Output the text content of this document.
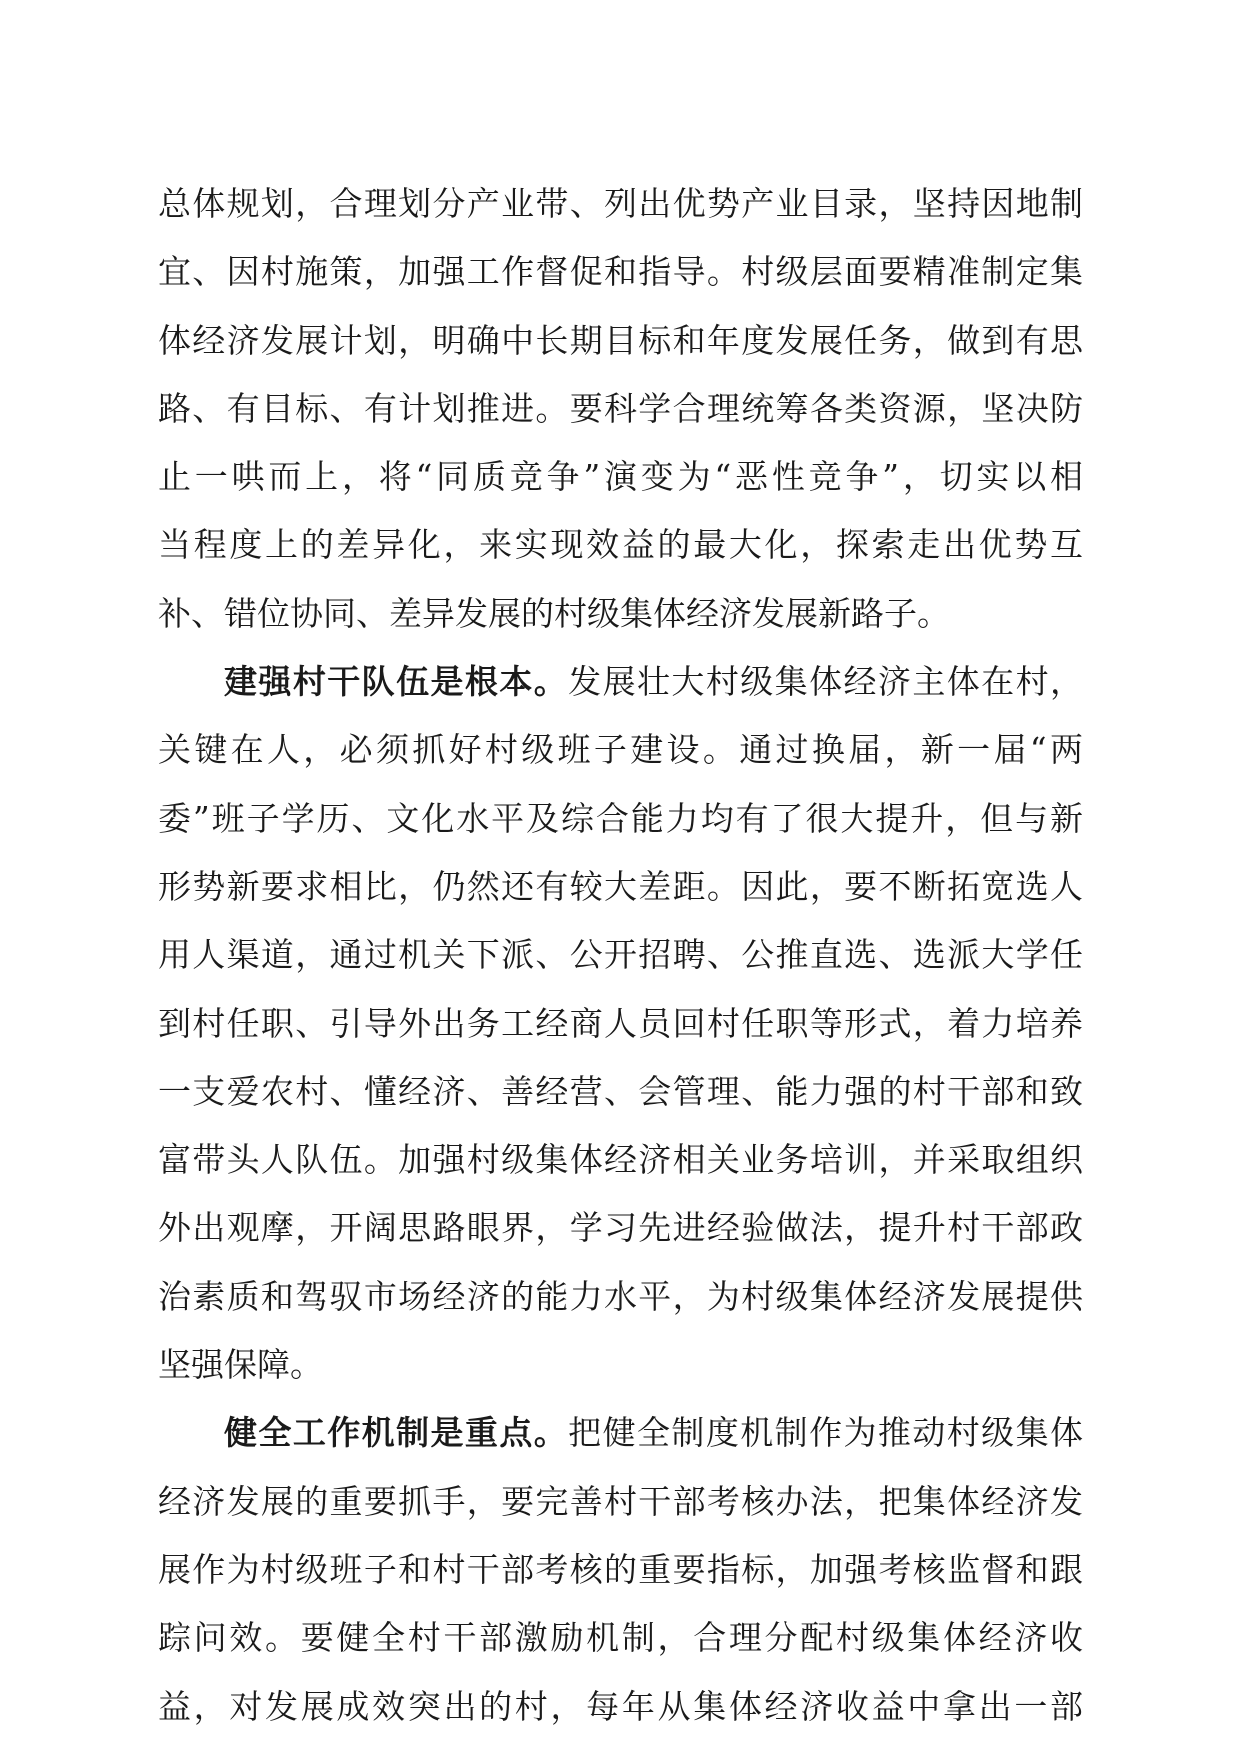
总体规划，合理划分产业带、列出优势产业目录，坚持因地制
宜、因村施策，加强工作督促和指导。村级层面要精准制定集
体经济发展计划，明确中长期目标和年度发展任务，做到有思
路、有目标、有计划推进。要科学合理统筹各类资源，坚决防
止一哄而上，将“同质竞争”演变为“恶性竞争”，切实以相
当程度上的差异化，来实现效益的最大化，探索走出优势互
补、错位协同、差异发展的村级集体经济发展新路子。
建强村干队伍是根本。发展壮大村级集体经济主体在村，
关键在人，必须抓好村级班子建设。通过换届，新一届“两
委”班子学历、文化水平及综合能力均有了很大提升，但与新
形势新要求相比，仍然还有较大差距。因此，要不断拓宽选人
用人渠道，通过机关下派、公开招聘、公推直选、选派大学任
到村任职、引导外出务工经商人员回村任职等形式，着力培养
一支爱农村、懂经济、善经营、会管理、能力强的村干部和致
富带头人队伍。加强村级集体经济相关业务培训，并采取组织
外出观摩，开阔思路眼界，学习先进经验做法，提升村干部政
治素质和驾驭市场经济的能力水平，为村级集体经济发展提供
坚强保障。
健全工作机制是重点。把健全制度机制作为推动村级集体
经济发展的重要抓手，要完善村干部考核办法，把集体经济发
展作为村级班子和村干部考核的重要指标，加强考核监督和跟
踪问效。要健全村干部激励机制，合理分配村级集体经济收
益，对发展成效突出的村，每年从集体经济收益中拿出一部
